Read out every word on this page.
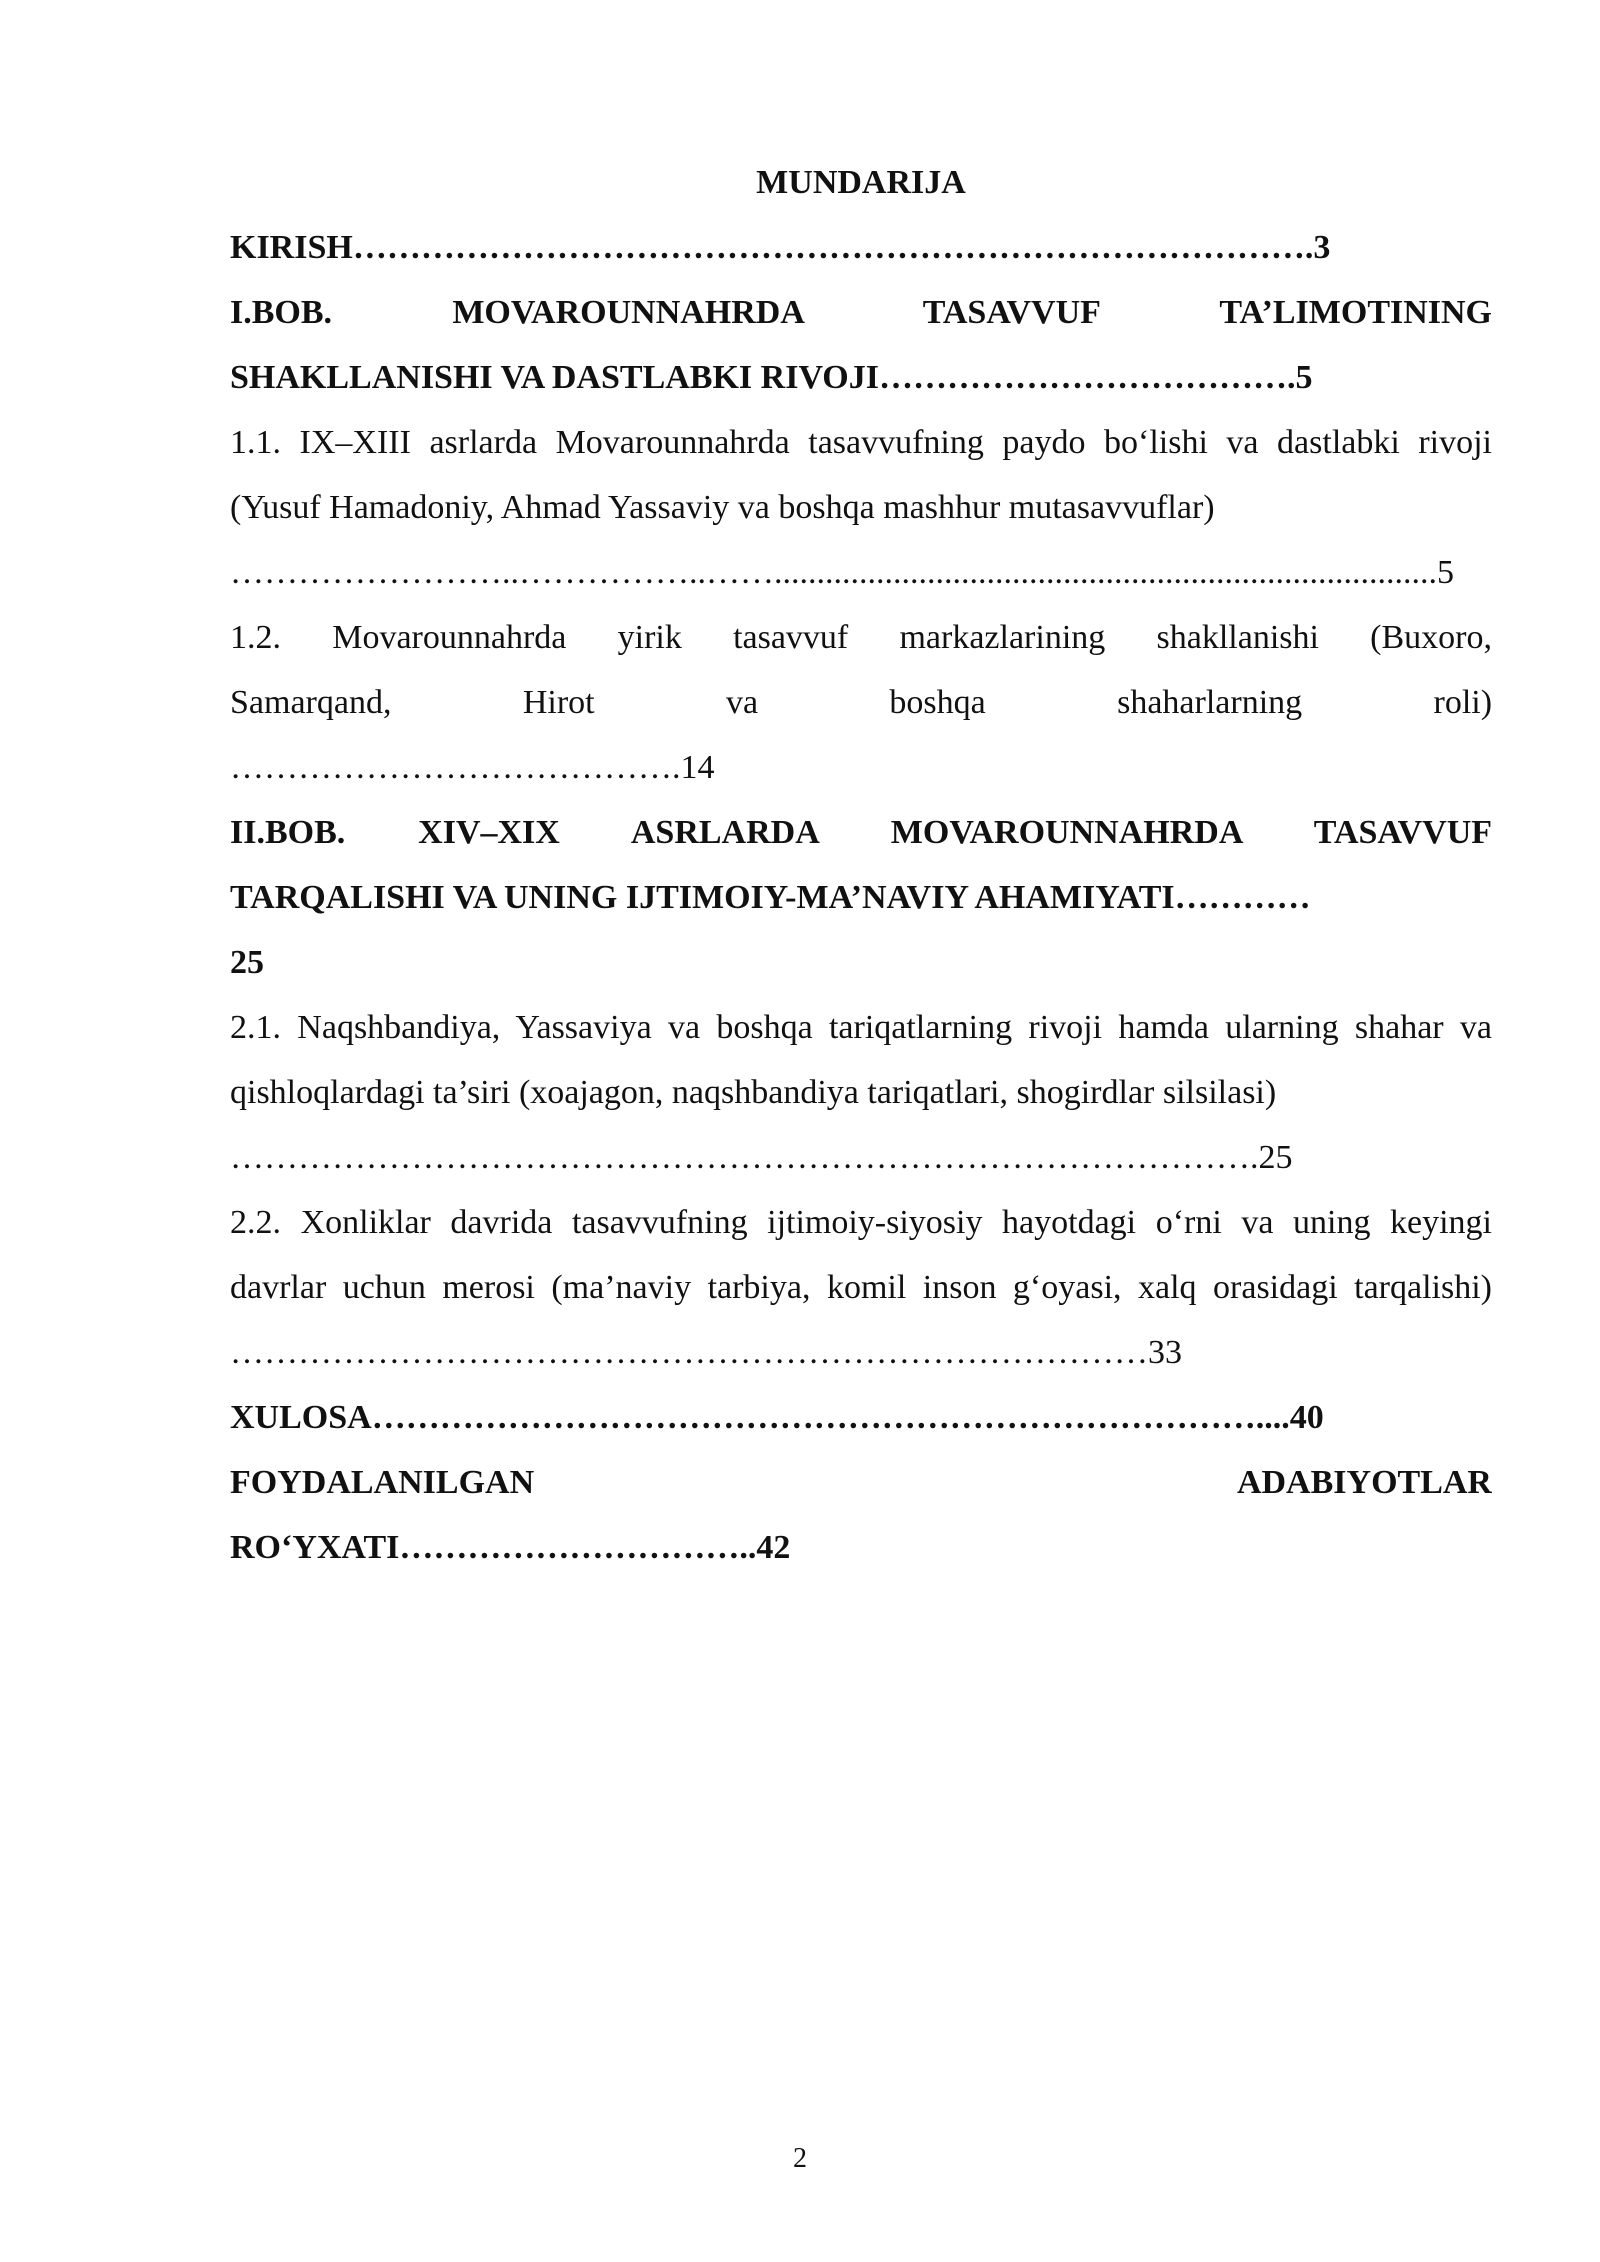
MUNDARIJA
KIRISH………………………………………………………………………….3
I.BOB.	MOVAROUNNAHRDA	TASAVVUF	TA’LIMOTINING
SHAKLLANISHI VA DASTLABKI RIVOJI……………………………….5

1.1. IX–XIII asrlarda Movarounnahrda tasavvufning paydo bo‘lishi va dastlabki rivoji (Yusuf Hamadoniy, Ahmad Yassaviy va boshqa mashhur mutasavvuflar)

……………………..……………..……..............................................................................5
1.2. Movarounnahrda yirik tasavvuf markazlarining shakllanishi (Buxoro,
Samarqand,	Hirot	va	boshqa	shaharlarning	roli)
………………………………….14
II.BOB. XIV–XIX ASRLARDA MOVAROUNNAHRDA TASAVVUF
TARQALISHI VA UNING IJTIMOIY-MA’NAVIY AHAMIYATI…………
25

2.1. Naqshbandiya, Yassaviya va boshqa tariqatlarning rivoji hamda ularning shahar va qishloqlardagi ta’siri (xoajagon, naqshbandiya tariqatlari, shogirdlar silsilasi)

……………………………………………………………………………….25

2.2. Xonliklar davrida tasavvufning ijtimoiy-siyosiy hayotdagi o‘rni va uning keyingi davrlar uchun merosi (ma’naviy tarbiya, komil inson g‘oyasi, xalq orasidagi tarqalishi) ………………………………………………………………………33

XULOSA……………………………………………………………………....40
FOYDALANILGAN	ADABIYOTLAR
RO‘YXATI…………………………..42
2
